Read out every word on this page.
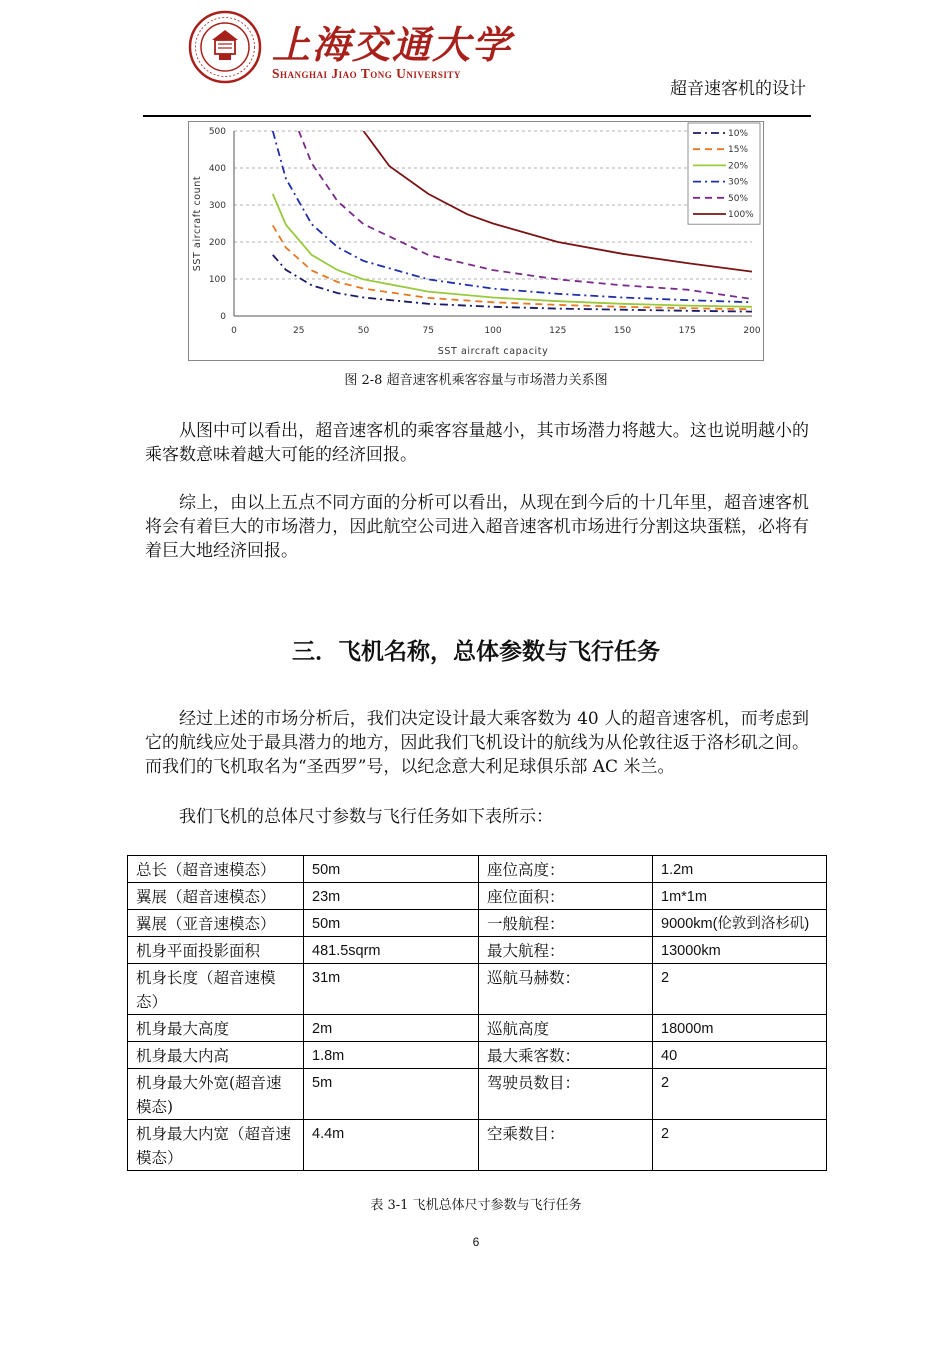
上海交通大学
Shanghai Jiao Tong University
超音速客机的设计
0
100
200
300
400
500
0	25	50	75	100	125	150	175	200
SST aircraft capacity
SST aircraft count
10%
15%
20%
30%
50%
100%
图 2-8 超音速客机乘客容量与市场潜力关系图

从图中可以看出，超音速客机的乘客容量越小，其市场潜力将越大。这也说明越小的乘客数意味着越大可能的经济回报。

综上，由以上五点不同方面的分析可以看出，从现在到今后的十几年里，超音速客机将会有着巨大的市场潜力，因此航空公司进入超音速客机市场进行分割这块蛋糕，必将有着巨大地经济回报。

三．飞机名称，总体参数与飞行任务

经过上述的市场分析后，我们决定设计最大乘客数为 40 人的超音速客机，而考虑到它的航线应处于最具潜力的地方，因此我们飞机设计的航线为从伦敦往返于洛杉矶之间。而我们的飞机取名为“圣西罗”号，以纪念意大利足球俱乐部 AC 米兰。

我们飞机的总体尺寸参数与飞行任务如下表所示：

总长（超音速模态）	50m	座位高度：	1.2m
翼展（超音速模态）	23m	座位面积：	1m*1m
翼展（亚音速模态）	50m	一般航程：	9000km(伦敦到洛杉矶)
机身平面投影面积	481.5sqrm	最大航程：	13000km
机身长度（超音速模态）	31m	巡航马赫数：	2
机身最大高度	2m	巡航高度	18000m
机身最大内高	1.8m	最大乘客数：	40
机身最大外宽(超音速模态)	5m	驾驶员数目：	2
机身最大内宽（超音速模态）	4.4m	空乘数目：	2
表 3-1 飞机总体尺寸参数与飞行任务
6
